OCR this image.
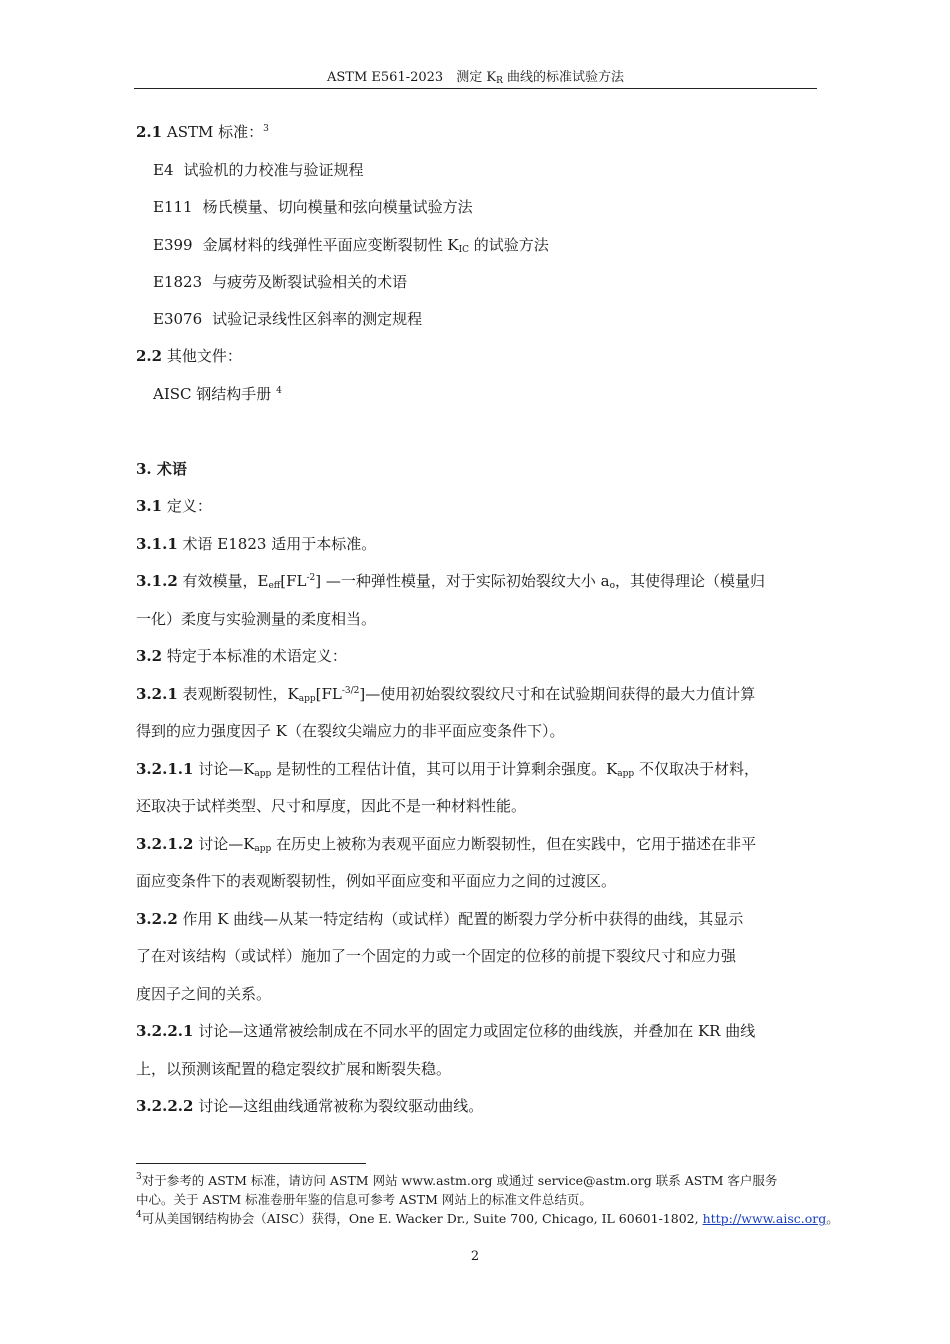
ASTM E561-2023　测定 $K_R$ 曲线的标准试验方法
2.1 ASTM 标准：$^3$
E4 试验机的力校准与验证规程
E111 杨氏模量、切向模量和弦向模量试验方法
E399 金属材料的线弹性平面应变断裂韧性 $K_{IC}$ 的试验方法
E1823 与疲劳及断裂试验相关的术语
E3076 试验记录线性区斜率的测定规程
2.2 其他文件：
AISC 钢结构手册 $^4$
3. 术语
3.1 定义：
3.1.1 术语 E1823 适用于本标准。
3.1.2 有效模量，$E_{eff}[FL^{-2}]$ —一种弹性模量，对于实际初始裂纹大小 $a_o$，其使得理论（模量归
一化）柔度与实验测量的柔度相当。
3.2 特定于本标准的术语定义：
3.2.1 表观断裂韧性，$K_{app}[FL^{-3/2}]—$使用初始裂纹裂纹尺寸和在试验期间获得的最大力值计算
得到的应力强度因子 K（在裂纹尖端应力的非平面应变条件下）。
3.2.1.1 讨论$—K_{app}$ 是韧性的工程估计值，其可以用于计算剩余强度。$K_{app}$ 不仅取决于材料，
还取决于试样类型、尺寸和厚度，因此不是一种材料性能。
3.2.1.2 讨论$—K_{app}$ 在历史上被称为表观平面应力断裂韧性，但在实践中，它用于描述在非平
面应变条件下的表观断裂韧性，例如平面应变和平面应力之间的过渡区。
3.2.2 作用 K 曲线—从某一特定结构（或试样）配置的断裂力学分析中获得的曲线，其显示
了在对该结构（或试样）施加了一个固定的力或一个固定的位移的前提下裂纹尺寸和应力强
度因子之间的关系。
3.2.2.1 讨论—这通常被绘制成在不同水平的固定力或固定位移的曲线族，并叠加在 KR 曲线
上，以预测该配置的稳定裂纹扩展和断裂失稳。
3.2.2.2 讨论—这组曲线通常被称为裂纹驱动曲线。
$^3$对于参考的 ASTM 标准，请访问 ASTM 网站 www.astm.org 或通过 service@astm.org 联系 ASTM 客户服务
中心。关于 ASTM 标准卷册年鉴的信息可参考 ASTM 网站上的标准文件总结页。
$^4$可从美国钢结构协会（AISC）获得，One E. Wacker Dr., Suite 700, Chicago, IL 60601-1802, http://www.aisc.org。
2
